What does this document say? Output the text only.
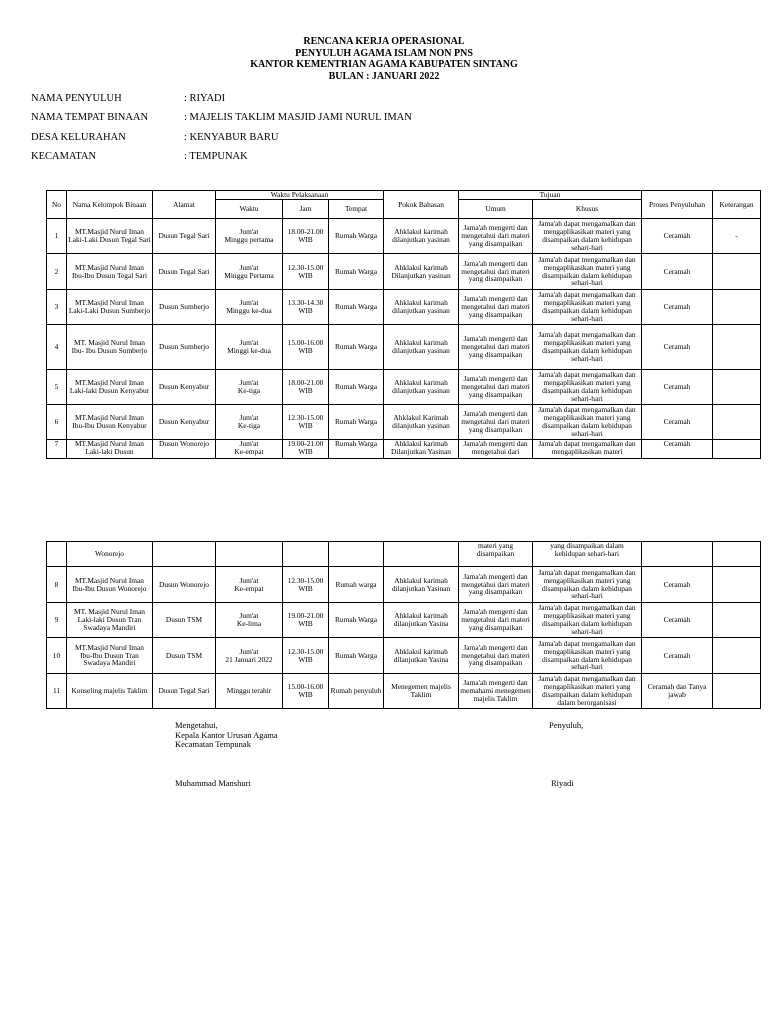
RENCANA KERJA OPERASIONAL
PENYULUH AGAMA ISLAM NON PNS
KANTOR KEMENTRIAN AGAMA KABUPATEN SINTANG
BULAN : JANUARI 2022
NAMA PENYULUH	: RIYADI
NAMA TEMPAT BINAAN	: MAJELIS TAKLIM MASJID JAMI NURUL IMAN
DESA KELURAHAN	: KENYABUR BARU
KECAMATAN	: TEMPUNAK
No	Nama Kelompok Binaan	Alamat	Waktu Pelaksanaan			Pokok Bahasan	Tujuan		Proses Penyuluhan	Keterangan
			Waktu	Jam	Tempat		Umum	Khusus		
1	MT.Masjid Nurul Iman Laki-Laki Dusun Tegal Sari	Dusun Tegal Sari	Jum'at
Minggu pertama	18.00-21.00
WIB	Rumah Warga	Ahklakul karimah dilanjutkan yasinan	Jama'ah mengerti dan mengetahui dari materi yang disampaikan	Jama'ah dapat mengamalkan dan mengaplikasikan materi yang disampaikan dalam kehidupan sehari-hari	Ceramah	-
2	MT.Masjid Nurul Iman Ibu-Ibu Dusun Tegal Sari	Dusun Tegal Sari	Jum'at
Minggu Pertama	12.30-15.00
WIB	Rumah Warga	Ahklakul karimah Dilanjutkan yasinan	Jama'ah mengerti dan mengetahui dari materi yang disampaikan	Jama'ah dapat mengamalkan dan mengaplikasikan materi yang disampaikan dalam kehidupan sehari-hari	Ceramah	
3	MT.Masjid Nurul Iman Laki-Laki Dusun Sumberjo	Dusun Sumberjo	Jum'at
Minggu ke-dua	13.30-14.30
WIB	Rumah Warga	Ahklakul karimah dilanjutkan yasinan	Jama'ah mengerti dan mengetahui dari materi yang disampaikan	Jama'ah dapat mengamalkan dan mengaplikasikan materi yang disampaikan dalam kehidupan sehari-hari	Ceramah	
4	MT. Masjid Nurul Iman Ibu- Ibu Dusun Sumberjo	Dusun Sumberjo	Jum'at
Minggi ke-dua	15.00-16.00
WIB	Rumah Warga	Ahklakul karimah dilanjutkan yasinan	Jama'ah mengerti dan mengetahui dari materi yang disampaikan	Jama'ah dapat mengamalkan dan mengaplikasikan materi yang disampaikan dalam kehidupan sehari-hari	Ceramah	
5	MT.Masjid Nurul Iman Laki-laki Dusun Kenyabur	Dusun Kenyabur	Jum'at
Ke-tiga	18.00-21.00
WIB	Rumah Warga	Ahklakul karimah dilanjutkan yasinan	Jama'ah mengerti dan mengetahui dari materi yang disampaikan	Jama'ah dapat mengamalkan dan mengaplikasikan materi yang disampaikan dalam kehidupan sehari-hari	Ceramah	
6	MT.Masjid Nurul Iman Ibu-Ibu Dusun Kenyabur	Dusun Kenyabur	Jum'at
Ke-tiga	12.30-15.00
WIB	Rumah Warga	Ahklakul Karimah dilanjutkan yasinan	Jama'ah mengerti dan mengetahui dari materi yang disampaikan	Jama'ah dapat mengamalkan dan mengaplikasikan materi yang disampaikan dalam kehidupan sehari-hari	Ceramah	
7	MT.Masjid Nurul Iman Laki-laki Dusun	Dusun Wonorejo	Jum'at
Ke-empat	19.00-21.00
WIB	Rumah Warga	Ahklakul karimah Dilanjutkan Yasinan	Jama'ah mengerti dan mengetahui dari	Jama'ah dapat mengamalkan dan mengaplikasikan materi	Ceramah	
	Wonorejo						materi yang disampaikan	yang disampaikan dalam kehidupan sehari-hari		
8	MT.Masjid Nurul Iman Ibu-Ibu Dusun Wonorejo	Dusun Wonorejo	Jum'at
Ke-empat	12.30-15.00
WIB	Rumah warga	Ahklakul karimah dilanjutkan Yasinan	Jama'ah mengerti dan mengetahui dari materi yang disampaikan	Jama'ah dapat mengamalkan dan mengaplikasikan materi yang disampaikan dalam kehidupan sehari-hari	Ceramah	
9	MT. Masjid Nurul Iman Laki-laki Dusun Tran Swadaya Mandiri	Dusun TSM	Jum'at
Ke-lima	19.00-21.00
WIB	Rumah Warga	Ahklakul karimah dilanjutkan Yasina	Jama'ah mengerti dan mengetahui dari materi yang disampaikan	Jama'ah dapat mengamalkan dan mengaplikasikan materi yang disampaikan dalam kehidupan sehari-hari	Ceramah	
10	MT.Masjid Nurul Iman Ibu-Ibu Dusun Tran Swadaya Mandiri	Dusun TSM	Jum'at
21 Januari 2022	12.30-15.00
WIB	Rumah Warga	Ahklakul karimah dilanjutkan Yasina	Jama'ah mengerti dan mengetahui dari materi yang disampaikan	Jama'ah dapat mengamalkan dan mengaplikasikan materi yang disampaikan dalam kehidupan sehari-hari	Ceramah	
11	Konseling majelis Taklim	Dusun Tegal Sari	Minggu terahir	15.00-16.00
WIB	Rumah penyuluh	Menegemen majelis Taklim	Jama'ah mengerti dan memahami menegemen majelis Taklim	Jama'ah dapat mengamalkan dan mengaplikasikan materi yang disampaikan dalam kehidupan dalam berorganisasi	Ceramah dan Tanya jawab	
Mengetahui,
Kepala Kantor Urusan Agama
Kecamatan Tempunak
Muhammad Manshuri
Penyuluh,
Riyadi
